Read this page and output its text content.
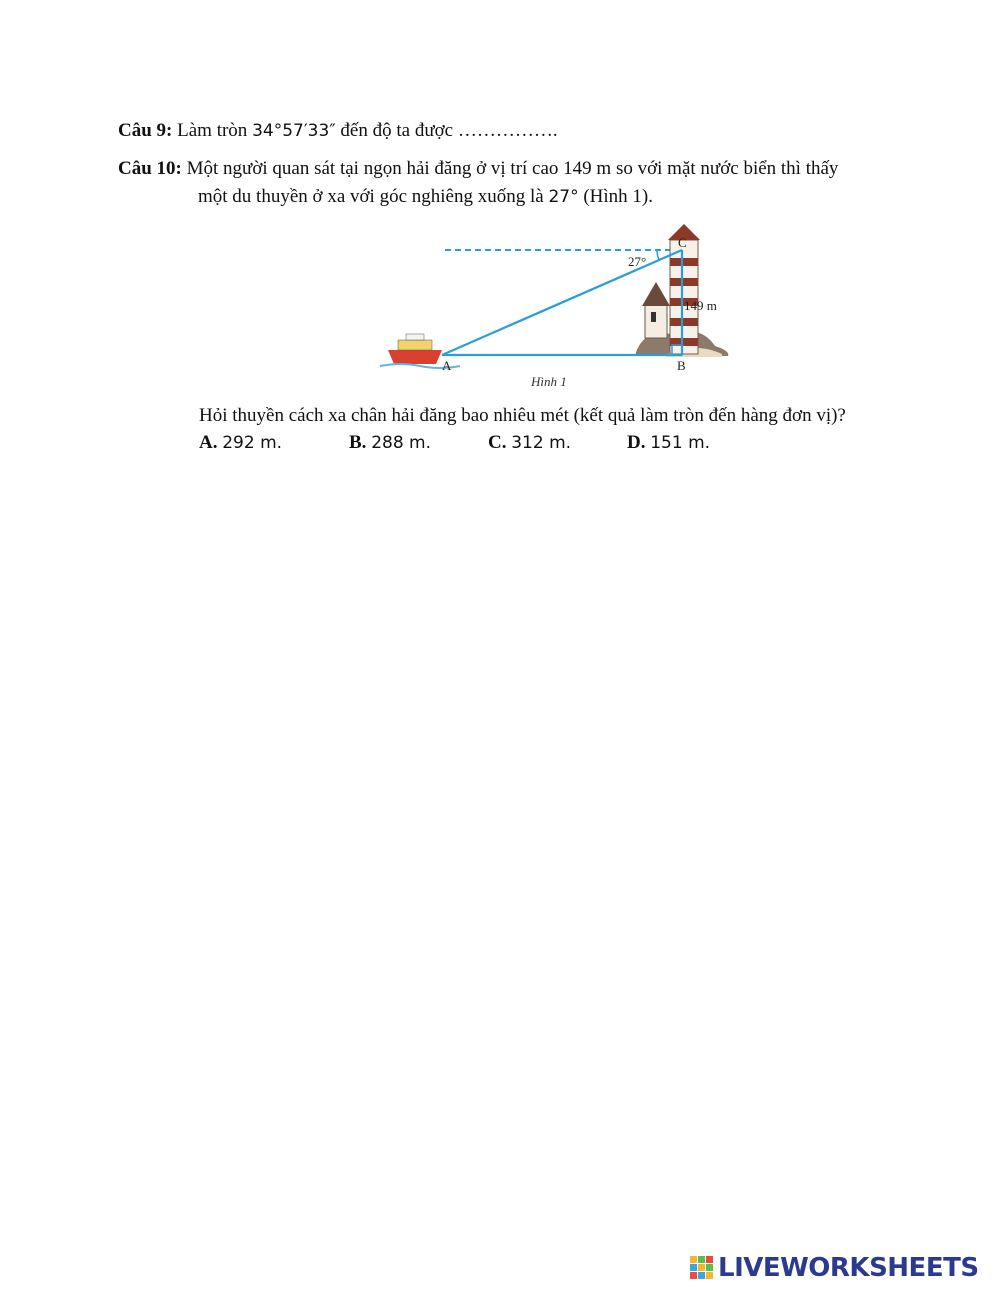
Câu 9: Làm tròn 34°57′33″ đến độ ta được …………….
Câu 10: Một người quan sát tại ngọn hải đăng ở vị trí cao 149 m so với mặt nước biển thì thấy
một du thuyền ở xa với góc nghiêng xuống là 27° (Hình 1).
27°
149 m
C
A	B
Hình 1
Hỏi thuyền cách xa chân hải đăng bao nhiêu mét (kết quả làm tròn đến hàng đơn vị)?
A. 292 m.	B. 288 m.	C. 312 m.	D. 151 m.
LIVEWORKSHEETS
